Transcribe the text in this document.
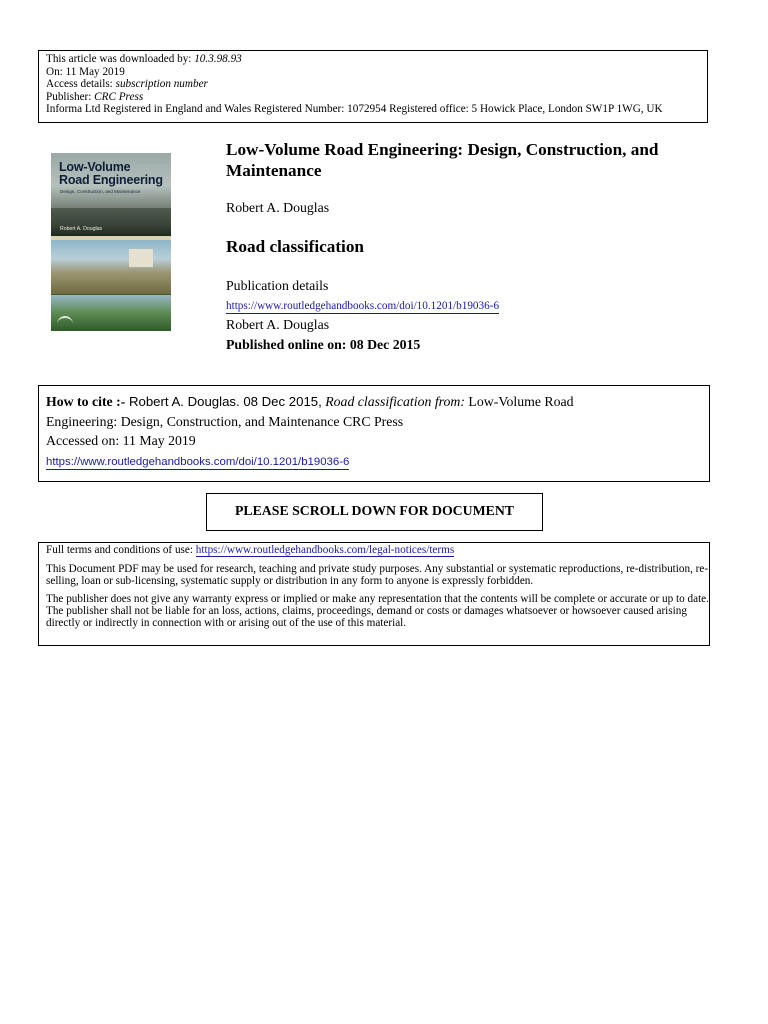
This article was downloaded by: 10.3.98.93
On: 11 May 2019
Access details: subscription number
Publisher: CRC Press
Informa Ltd Registered in England and Wales Registered Number: 1072954 Registered office: 5 Howick Place, London SW1P 1WG, UK
Low-Volume
Road Engineering
Design, Construction, and Maintenance
Robert A. Douglas
Low-Volume Road Engineering: Design, Construction, and Maintenance
Robert A. Douglas
Road classification
Publication details
https://www.routledgehandbooks.com/doi/10.1201/b19036-6
Robert A. Douglas
Published online on: 08 Dec 2015
How to cite :- Robert A. Douglas. 08 Dec 2015, Road classification from: Low-Volume Road
Engineering: Design, Construction, and Maintenance CRC Press
Accessed on: 11 May 2019
https://www.routledgehandbooks.com/doi/10.1201/b19036-6
PLEASE SCROLL DOWN FOR DOCUMENT

Full terms and conditions of use: https://www.routledgehandbooks.com/legal-notices/terms

This Document PDF may be used for research, teaching and private study purposes. Any substantial or systematic reproductions, re-distribution, re-selling, loan or sub-licensing, systematic supply or distribution in any form to anyone is expressly forbidden.

The publisher does not give any warranty express or implied or make any representation that the contents will be complete or accurate or up to date. The publisher shall not be liable for an loss, actions, claims, proceedings, demand or costs or damages whatsoever or howsoever caused arising directly or indirectly in connection with or arising out of the use of this material.
